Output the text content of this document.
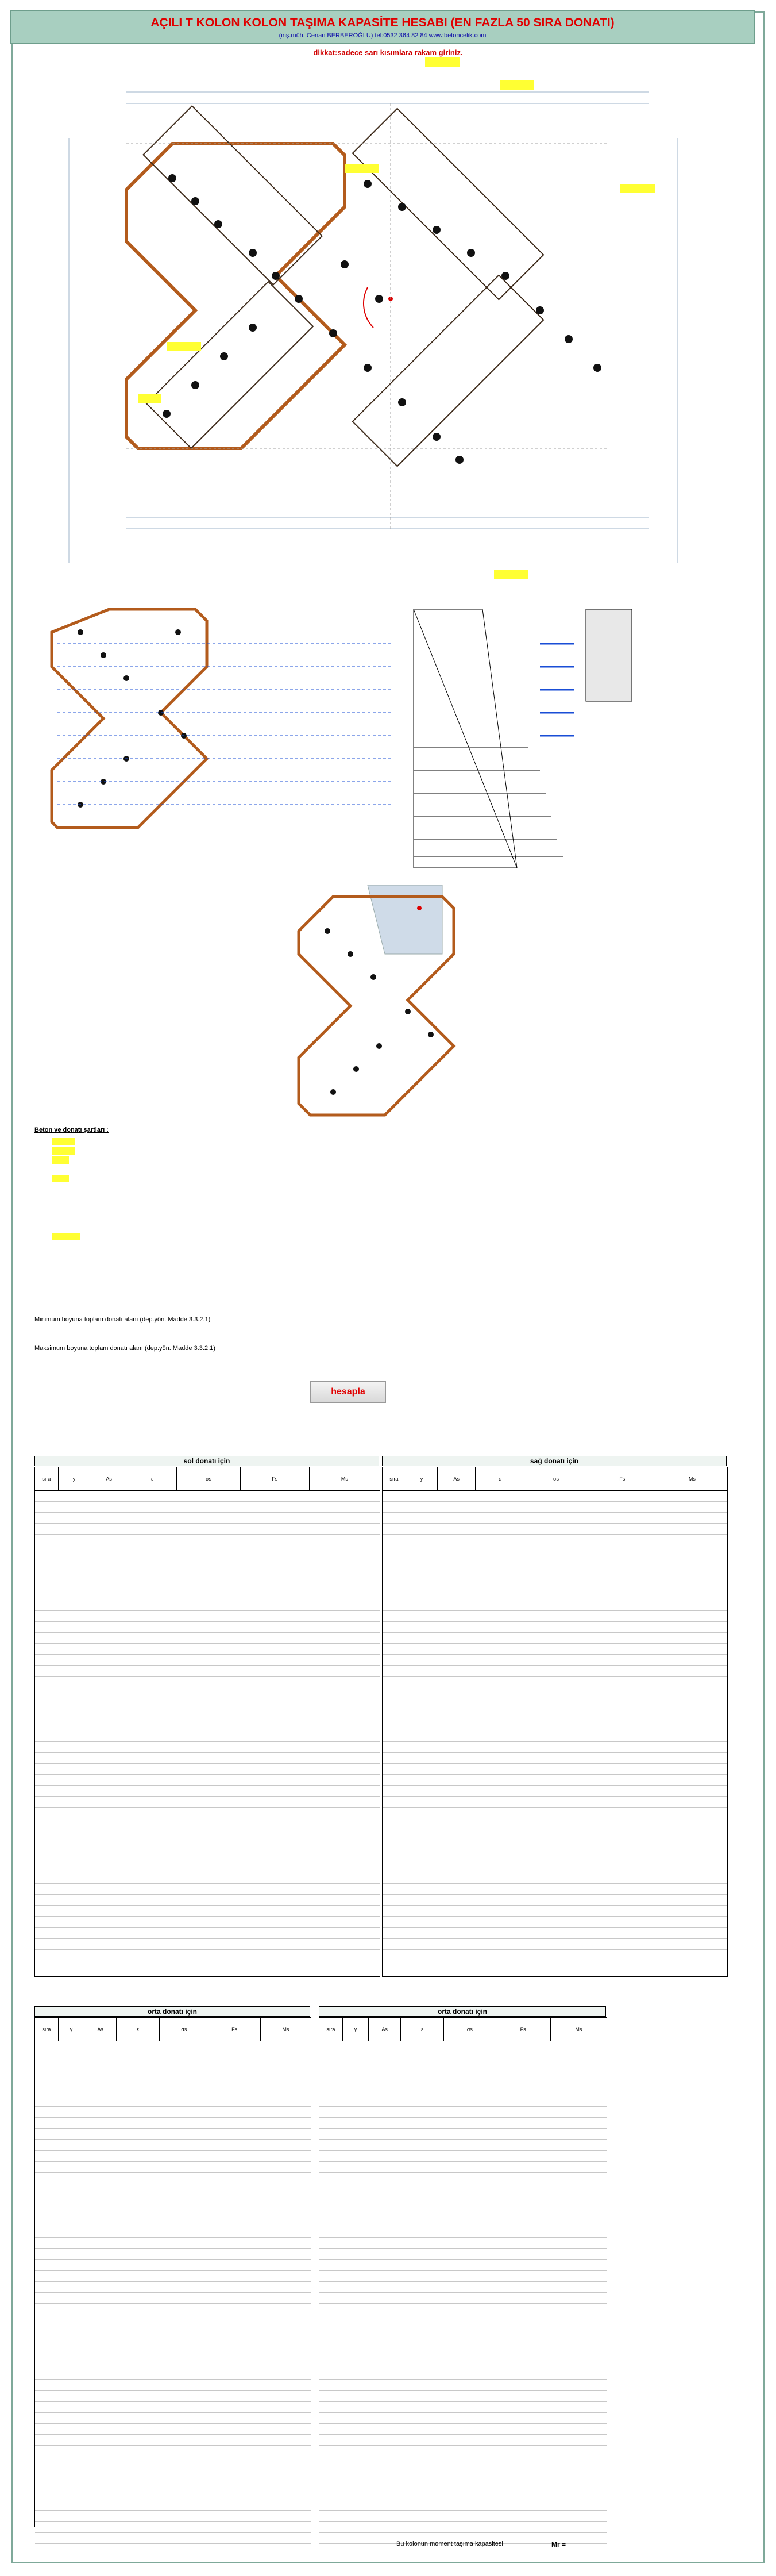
AÇILI T KOLON KOLON TAŞIMA KAPASİTE HESABI (EN FAZLA 50 SIRA DONATI)
(inş.müh. Cenan BERBEROĞLU) tel:0532 364 82 84 www.betoncelik.com
dikkat:sadece sarı kısımlara rakam giriniz.
Beton ve donatı şartları :
Minimum boyuna toplam donatı alanı (dep.yön. Madde 3.3.2.1)
Maksimum boyuna toplam donatı alanı (dep.yön. Madde 3.3.2.1)
hesapla
sol donatı için	sağ donatı için
sıra	y	As	ε	σs	Fs	Ms	sıra	y	As	ε	σs	Fs	Ms
orta donatı için	orta donatı için
sıra	y	As	ε	σs	Fs	Ms	sıra	y	As	ε	σs	Fs	Ms
Bu kolonun moment taşıma kapasitesi	Mr =
